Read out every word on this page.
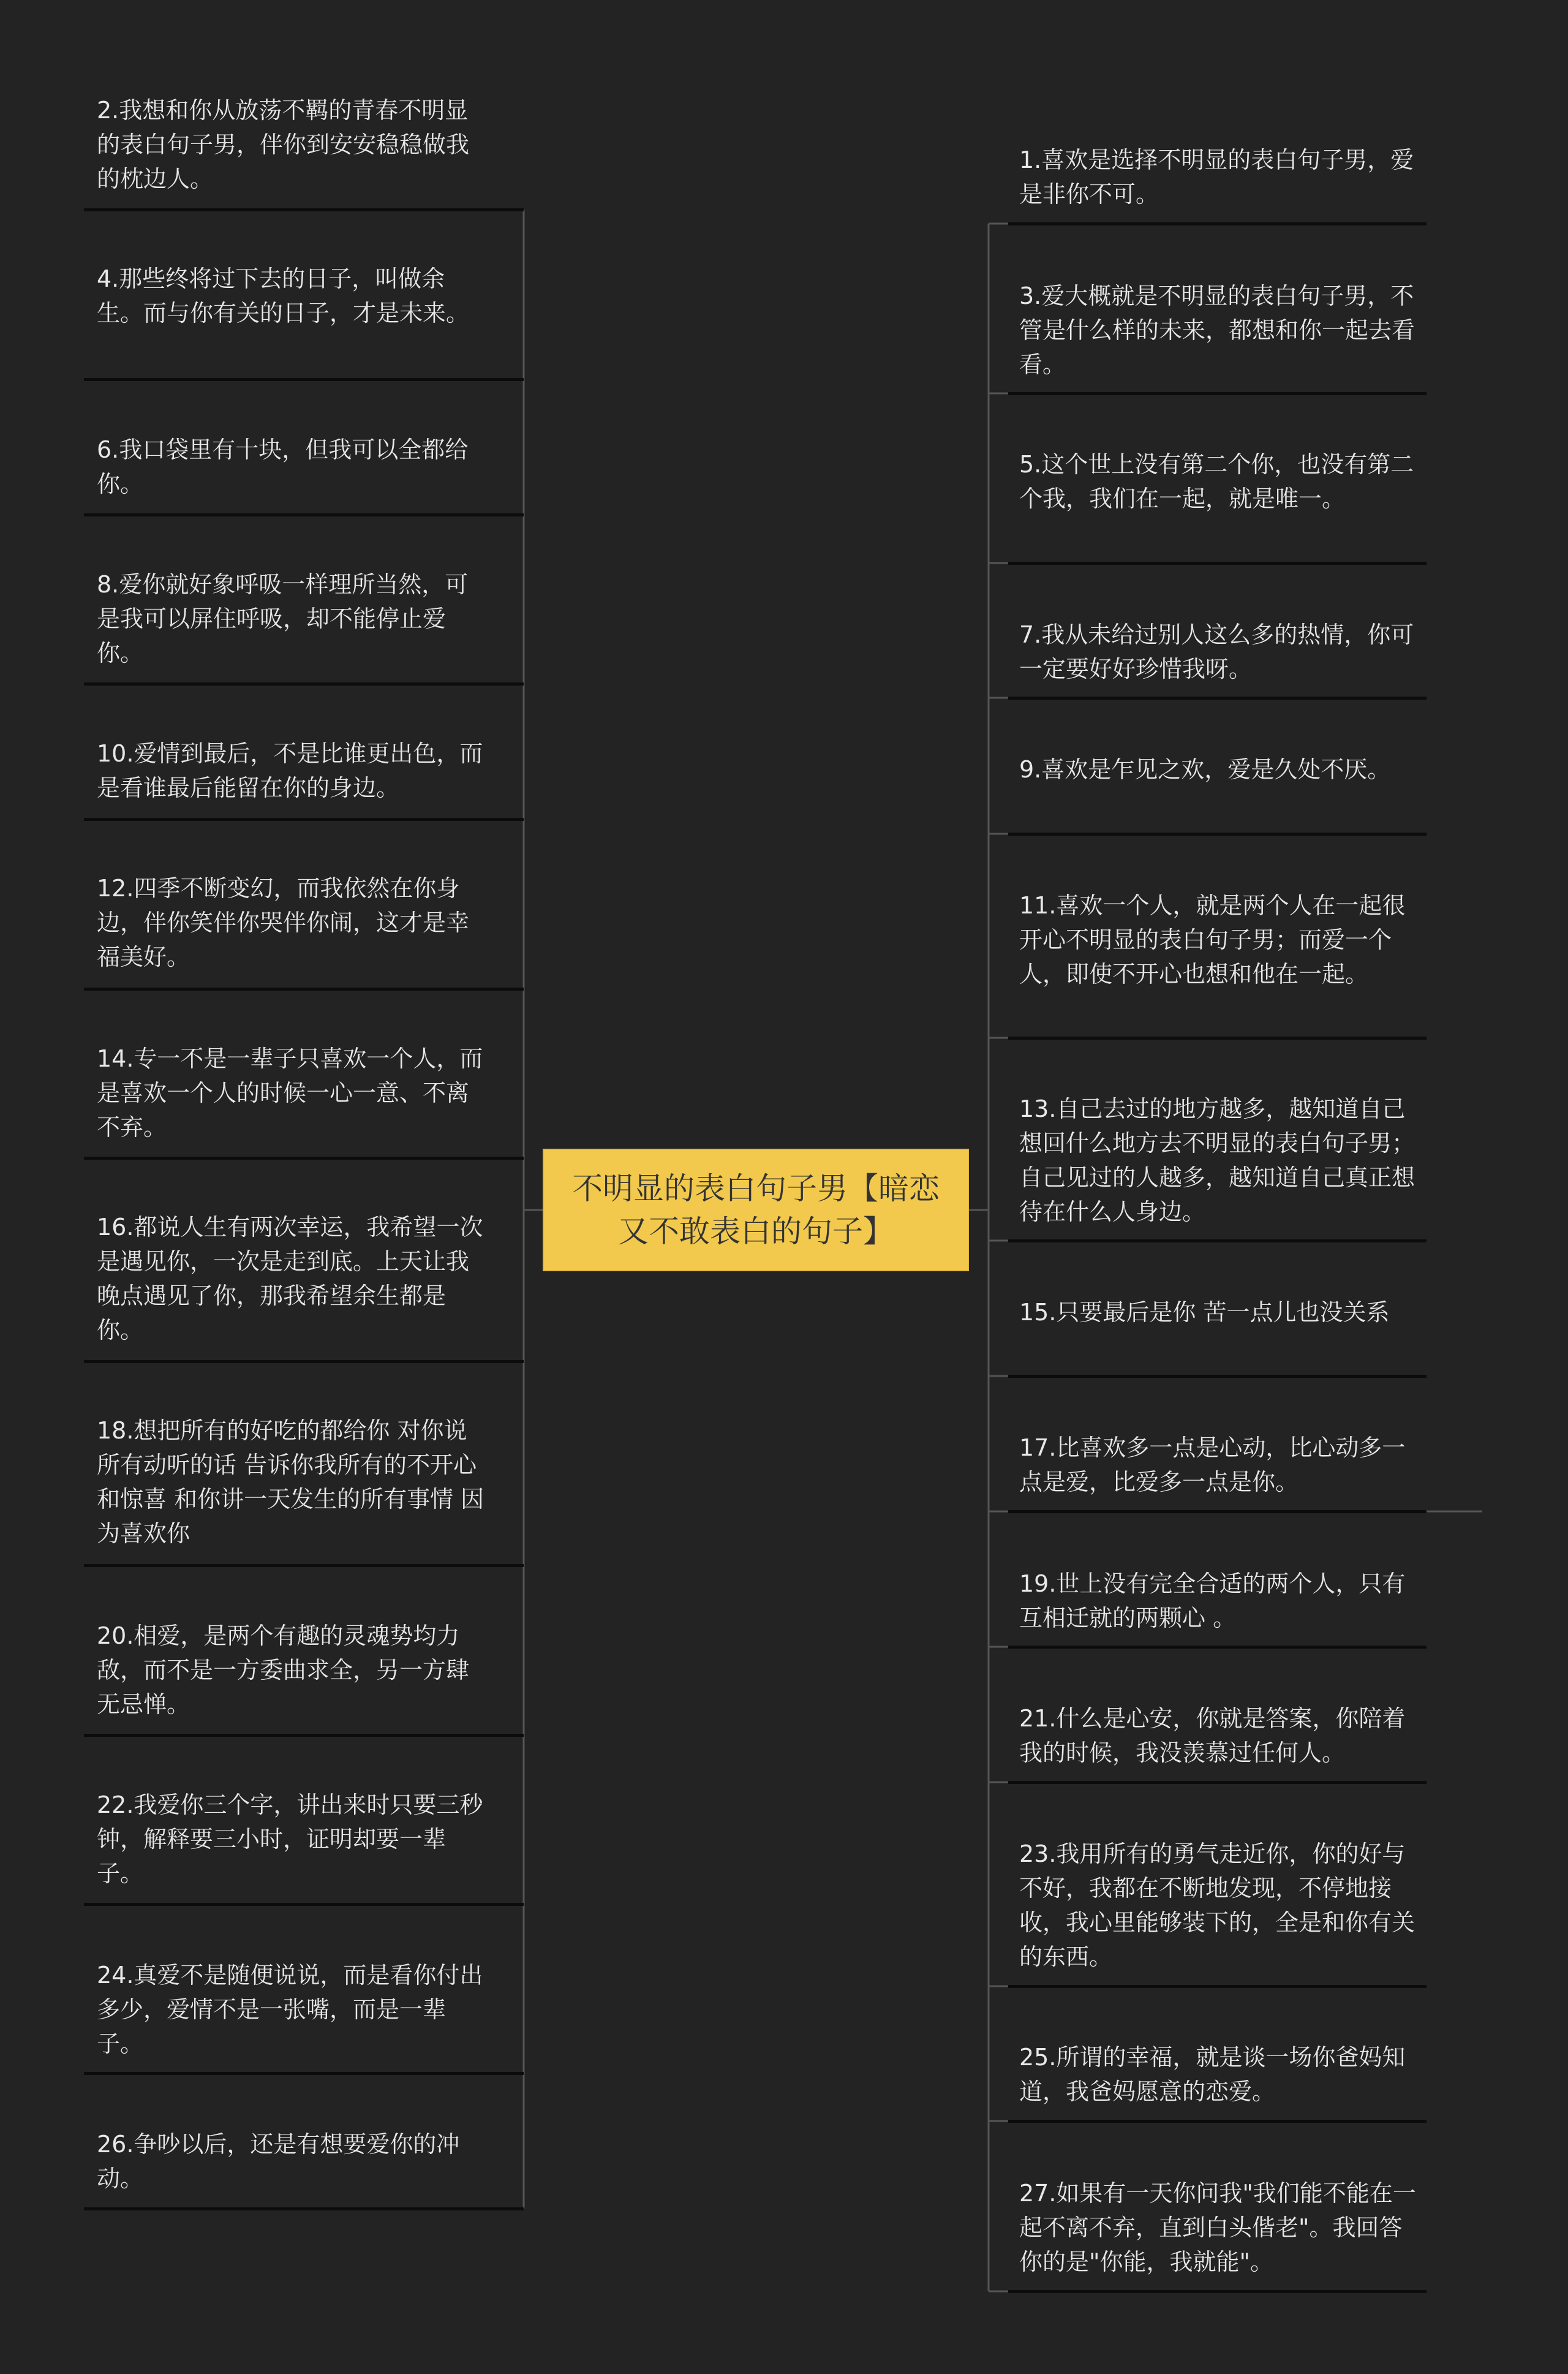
不明显的表白句子男【暗恋又不敢表白的句子】
2.我想和你从放荡不羁的青春不明显的表白句子男，伴你到安安稳稳做我的枕边人。
4.那些终将过下去的日子，叫做余生。而与你有关的日子，才是未来。
6.我口袋里有十块，但我可以全都给你。
8.爱你就好象呼吸一样理所当然，可是我可以屏住呼吸，却不能停止爱你。
10.爱情到最后，不是比谁更出色，而是看谁最后能留在你的身边。
12.四季不断变幻，而我依然在你身边，伴你笑伴你哭伴你闹，这才是幸福美好。
14.专一不是一辈子只喜欢一个人，而是喜欢一个人的时候一心一意、不离不弃。
16.都说人生有两次幸运，我希望一次是遇见你，一次是走到底。上天让我晚点遇见了你，那我希望余生都是你。
18.想把所有的好吃的都给你 对你说所有动听的话 告诉你我所有的不开心和惊喜 和你讲一天发生的所有事情 因为喜欢你
20.相爱，是两个有趣的灵魂势均力敌，而不是一方委曲求全，另一方肆无忌惮。
22.我爱你三个字，讲出来时只要三秒钟，解释要三小时，证明却要一辈子。
24.真爱不是随便说说，而是看你付出多少，爱情不是一张嘴，而是一辈子。
26.争吵以后，还是有想要爱你的冲动。
1.喜欢是选择不明显的表白句子男，爱是非你不可。
3.爱大概就是不明显的表白句子男，不管是什么样的未来，都想和你一起去看看。
5.这个世上没有第二个你，也没有第二个我，我们在一起，就是唯一。
7.我从未给过别人这么多的热情，你可一定要好好珍惜我呀。
9.喜欢是乍见之欢，爱是久处不厌。
11.喜欢一个人，就是两个人在一起很开心不明显的表白句子男；而爱一个人，即使不开心也想和他在一起。
13.自己去过的地方越多，越知道自己想回什么地方去不明显的表白句子男；自己见过的人越多，越知道自己真正想待在什么人身边。
15.只要最后是你 苦一点儿也没关系
17.比喜欢多一点是心动，比心动多一点是爱，比爱多一点是你。
19.世上没有完全合适的两个人，只有互相迁就的两颗心 。
21.什么是心安，你就是答案，你陪着我的时候，我没羡慕过任何人。
23.我用所有的勇气走近你，你的好与不好，我都在不断地发现，不停地接收，我心里能够装下的，全是和你有关的东西。
25.所谓的幸福，就是谈一场你爸妈知道，我爸妈愿意的恋爱。
27.如果有一天你问我"我们能不能在一起不离不弃，直到白头偕老"。我回答你的是"你能，我就能"。
